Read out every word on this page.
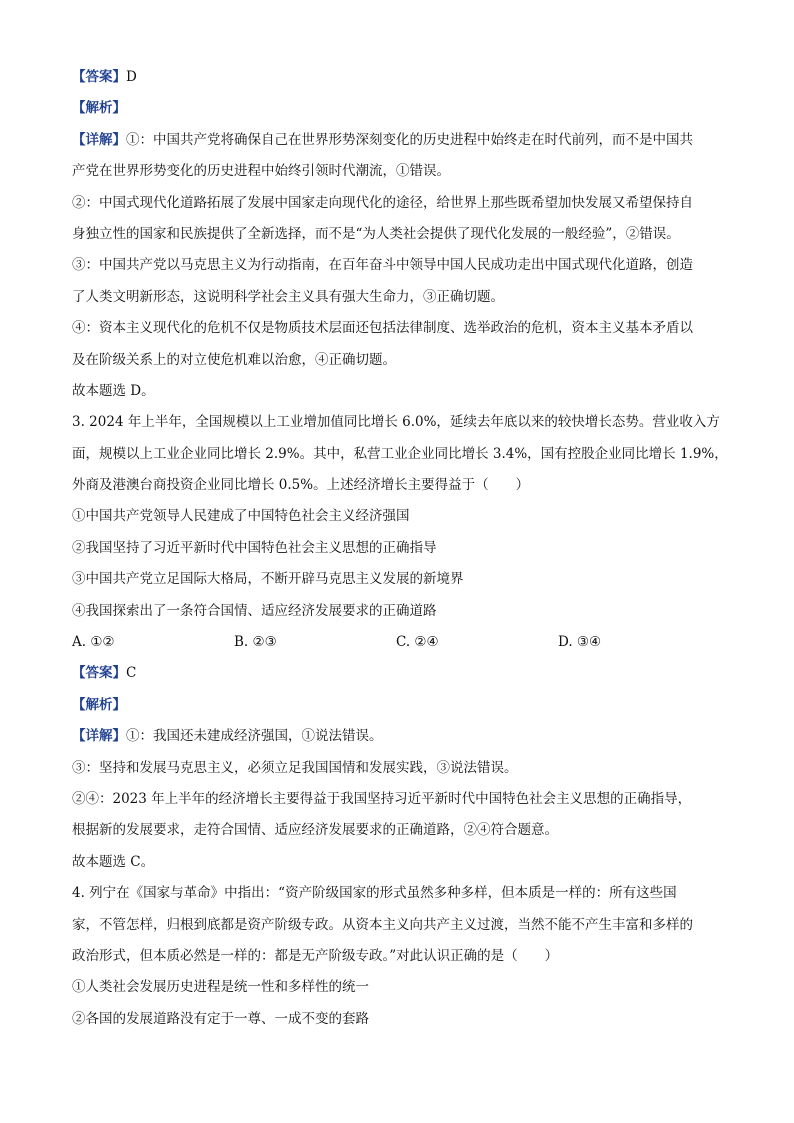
【答案】D
【解析】
【详解】①：中国共产党将确保自己在世界形势深刻变化的历史进程中始终走在时代前列，而不是中国共
产党在世界形势变化的历史进程中始终引领时代潮流，①错误。
②：中国式现代化道路拓展了发展中国家走向现代化的途径，给世界上那些既希望加快发展又希望保持自
身独立性的国家和民族提供了全新选择，而不是“为人类社会提供了现代化发展的一般经验”，②错误。
③：中国共产党以马克思主义为行动指南，在百年奋斗中领导中国人民成功走出中国式现代化道路，创造
了人类文明新形态，这说明科学社会主义具有强大生命力，③正确切题。
④：资本主义现代化的危机不仅是物质技术层面还包括法律制度、选举政治的危机，资本主义基本矛盾以
及在阶级关系上的对立使危机难以治愈，④正确切题。
故本题选 D。
3. 2024 年上半年，全国规模以上工业增加值同比增长 6.0%，延续去年底以来的较快增长态势。营业收入方
面，规模以上工业企业同比增长 2.9%。其中，私营工业企业同比增长 3.4%，国有控股企业同比增长 1.9%，
外商及港澳台商投资企业同比增长 0.5%。上述经济增长主要得益于（　　）
①中国共产党领导人民建成了中国特色社会主义经济强国
②我国坚持了习近平新时代中国特色社会主义思想的正确指导
③中国共产党立足国际大格局，不断开辟马克思主义发展的新境界
④我国探索出了一条符合国情、适应经济发展要求的正确道路
A. ①②	B. ②③	C. ②④	D. ③④
【答案】C
【解析】
【详解】①：我国还未建成经济强国，①说法错误。
③：坚持和发展马克思主义，必须立足我国国情和发展实践，③说法错误。
②④：2023 年上半年的经济增长主要得益于我国坚持习近平新时代中国特色社会主义思想的正确指导，
根据新的发展要求，走符合国情、适应经济发展要求的正确道路，②④符合题意。
故本题选 C。
4. 列宁在《国家与革命》中指出：“资产阶级国家的形式虽然多种多样，但本质是一样的：所有这些国
家，不管怎样，归根到底都是资产阶级专政。从资本主义向共产主义过渡，当然不能不产生丰富和多样的
政治形式，但本质必然是一样的：都是无产阶级专政。”对此认识正确的是（　　）
①人类社会发展历史进程是统一性和多样性的统一
②各国的发展道路没有定于一尊、一成不变的套路
